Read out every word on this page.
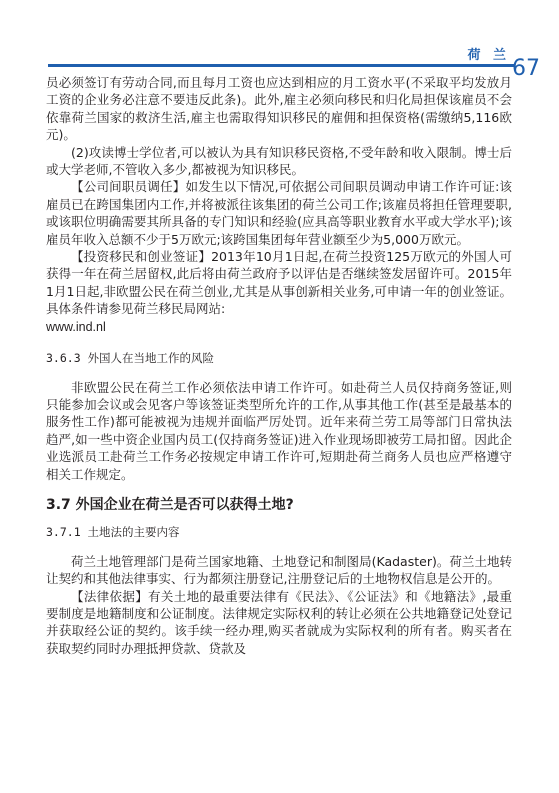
荷 兰
67

员必须签订有劳动合同,而且每月工资也应达到相应的月工资水平(不采取平均发放月工资的企业务必注意不要违反此条)。此外,雇主必须向移民和归化局担保该雇员不会依靠荷兰国家的救济生活,雇主也需取得知识移民的雇佣和担保资格(需缴纳5,116欧元)。

(2)攻读博士学位者,可以被认为具有知识移民资格,不受年龄和收入限制。博士后或大学老师,不管收入多少,都被视为知识移民。

【公司间职员调任】如发生以下情况,可依据公司间职员调动申请工作许可证:该雇员已在跨国集团内工作,并将被派往该集团的荷兰公司工作;该雇员将担任管理要职,或该职位明确需要其所具备的专门知识和经验(应具高等职业教育水平或大学水平);该雇员年收入总额不少于5万欧元;该跨国集团每年营业额至少为5,000万欧元。

【投资移民和创业签证】2013年10月1日起,在荷兰投资125万欧元的外国人可获得一年在荷兰居留权,此后将由荷兰政府予以评估是否继续签发居留许可。2015年1月1日起,非欧盟公民在荷兰创业,尤其是从事创新相关业务,可申请一年的创业签证。具体条件请参见荷兰移民局网站:
www.ind.nl

3.6.3 外国人在当地工作的风险

非欧盟公民在荷兰工作必须依法申请工作许可。如赴荷兰人员仅持商务签证,则只能参加会议或会见客户等该签证类型所允许的工作,从事其他工作(甚至是最基本的服务性工作)都可能被视为违规并面临严厉处罚。近年来荷兰劳工局等部门日常执法趋严,如一些中资企业国内员工(仅持商务签证)进入作业现场即被劳工局扣留。因此企业选派员工赴荷兰工作务必按规定申请工作许可,短期赴荷兰商务人员也应严格遵守相关工作规定。

3.7 外国企业在荷兰是否可以获得土地?

3.7.1 土地法的主要内容

荷兰土地管理部门是荷兰国家地籍、土地登记和制图局(Kadaster)。荷兰土地转让契约和其他法律事实、行为都须注册登记,注册登记后的土地物权信息是公开的。

【法律依据】有关土地的最重要法律有《民法》、《公证法》和《地籍法》,最重要制度是地籍制度和公证制度。法律规定实际权利的转让必须在公共地籍登记处登记并获取经公证的契约。该手续一经办理,购买者就成为实际权利的所有者。购买者在获取契约同时办理抵押贷款、贷款及
